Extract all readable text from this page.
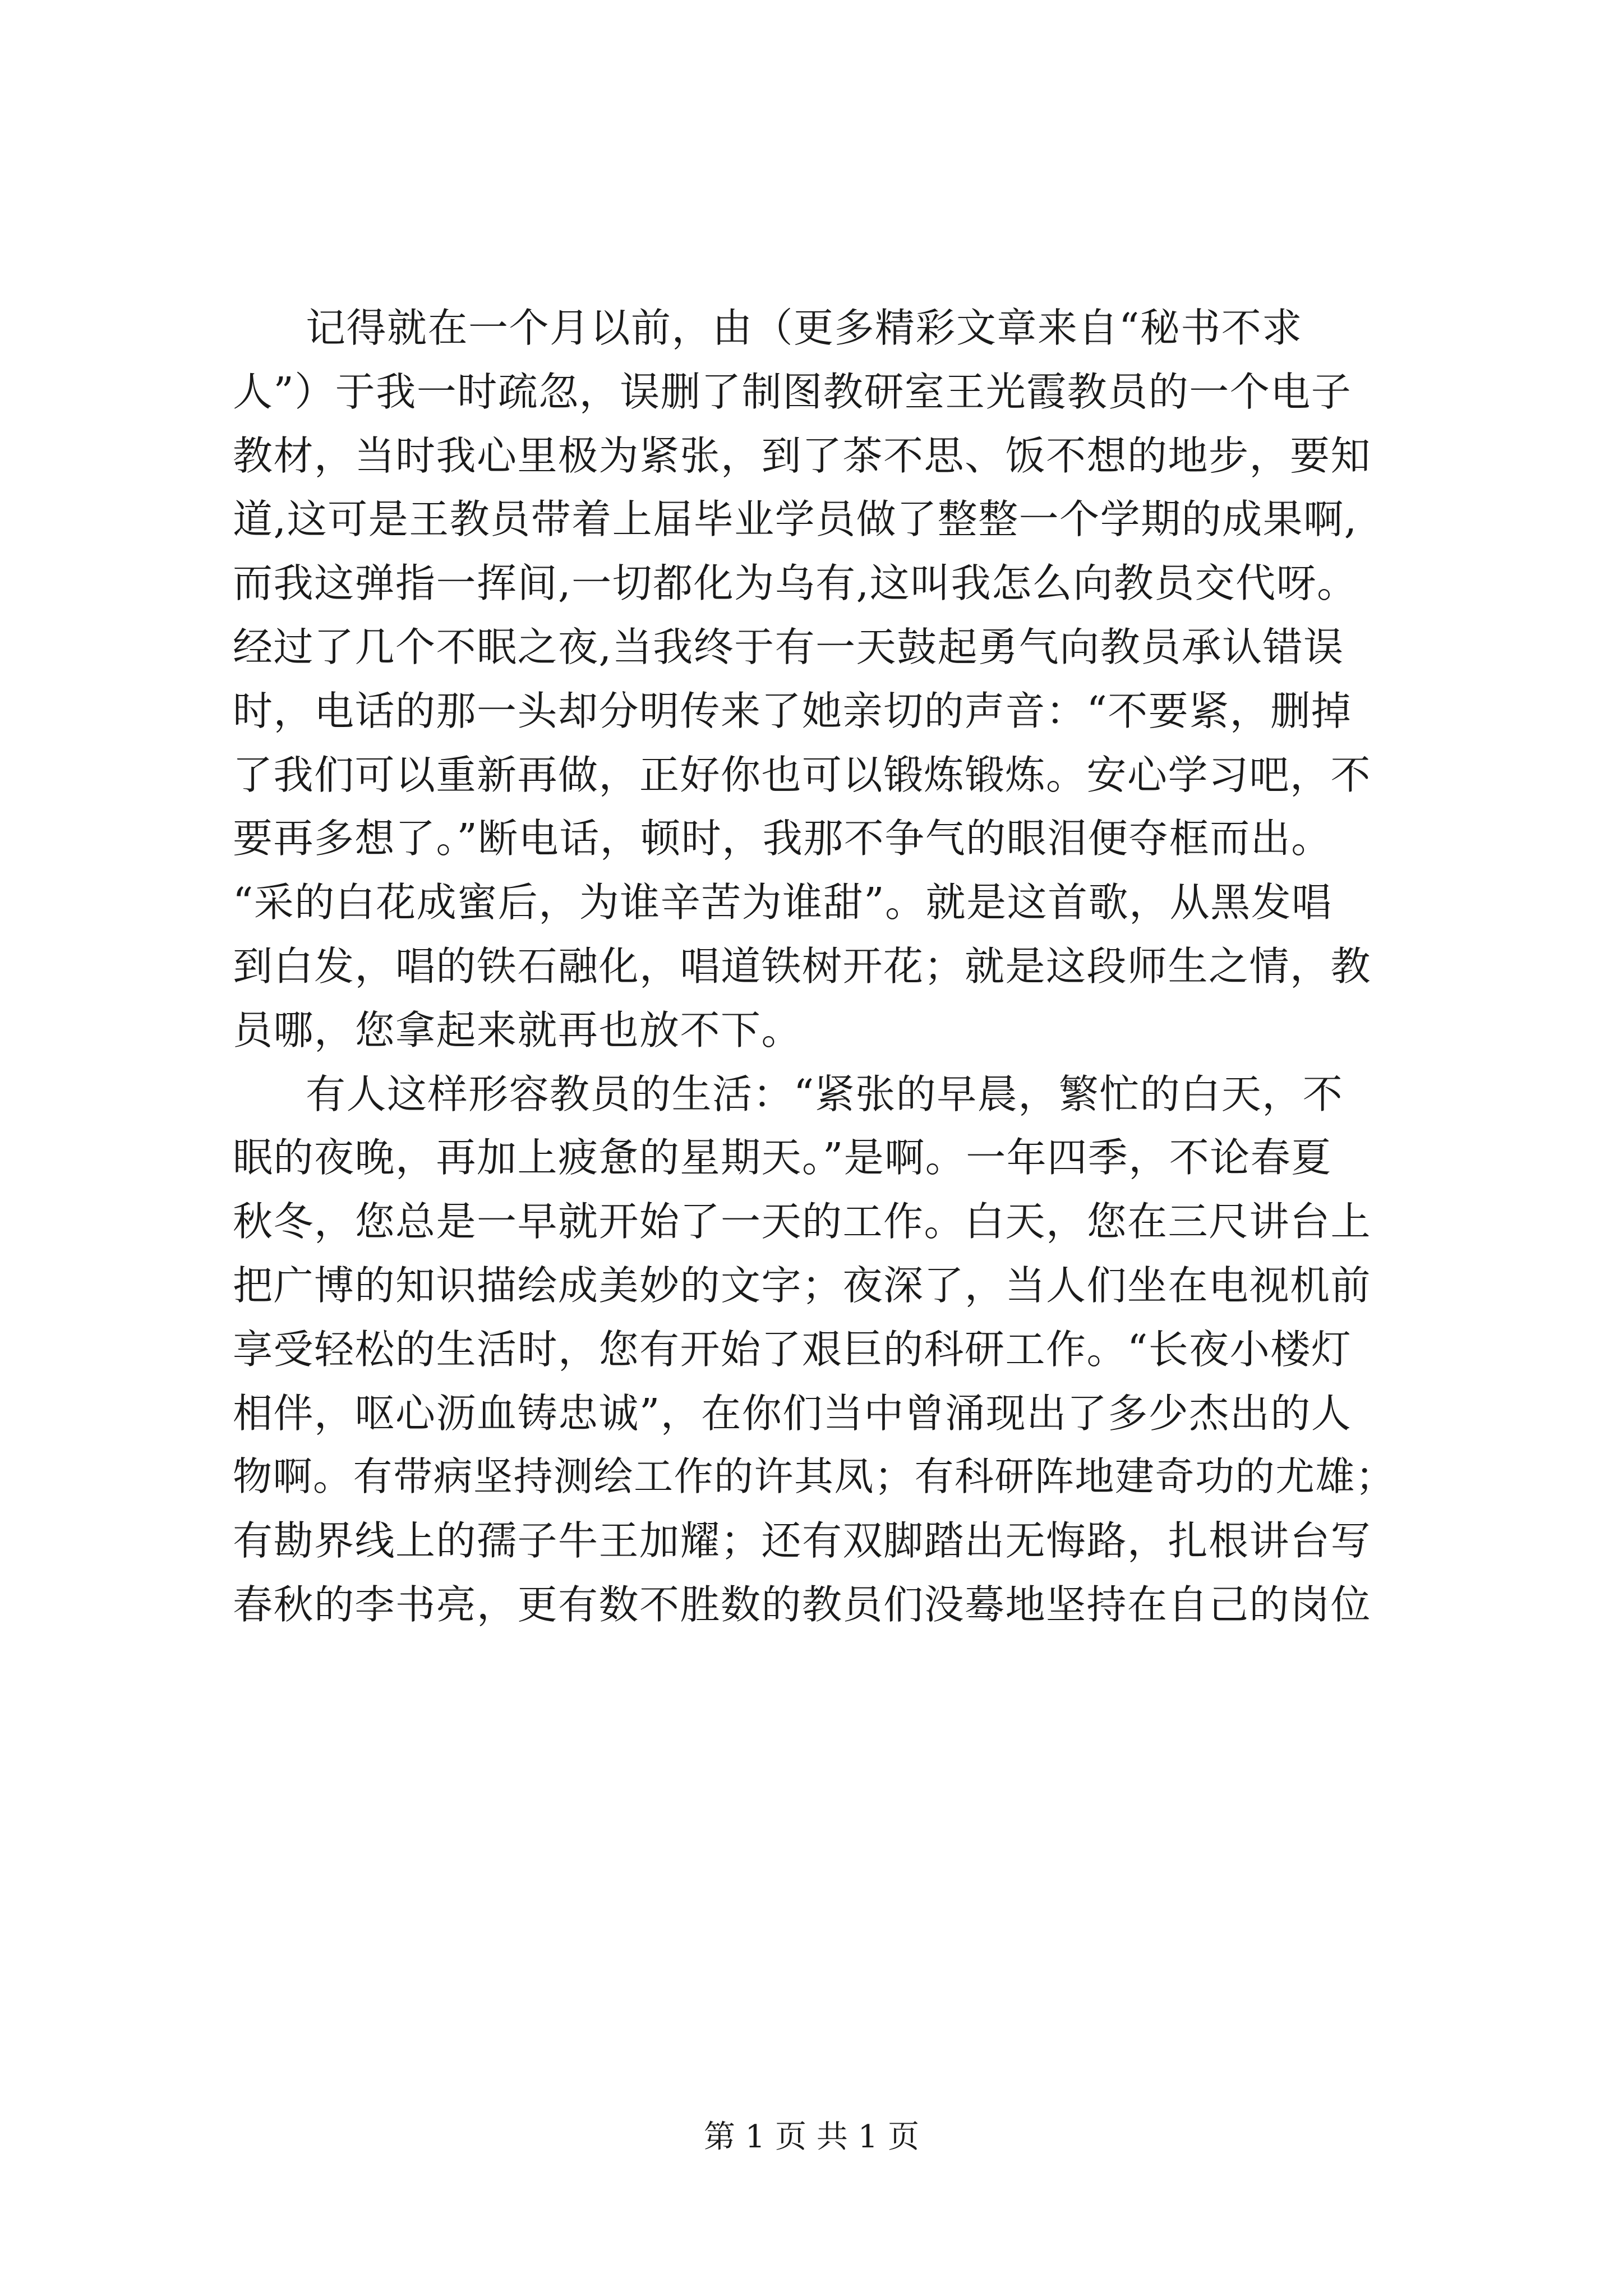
记得就在一个月以前，由（更多精彩文章来自“秘书不求
人”）于我一时疏忽，误删了制图教研室王光霞教员的一个电子
教材，当时我心里极为紧张，到了茶不思、饭不想的地步，要知
道,这可是王教员带着上届毕业学员做了整整一个学期的成果啊,
而我这弹指一挥间,一切都化为乌有,这叫我怎么向教员交代呀。
经过了几个不眠之夜,当我终于有一天鼓起勇气向教员承认错误
时，电话的那一头却分明传来了她亲切的声音：“不要紧，删掉
了我们可以重新再做，正好你也可以锻炼锻炼。安心学习吧，不
要再多想了。”断电话，顿时，我那不争气的眼泪便夺框而出。
“采的白花成蜜后，为谁辛苦为谁甜”。就是这首歌，从黑发唱
到白发，唱的铁石融化，唱道铁树开花；就是这段师生之情，教
员哪，您拿起来就再也放不下。
有人这样形容教员的生活：“紧张的早晨，繁忙的白天，不
眠的夜晚，再加上疲惫的星期天。”是啊。一年四季，不论春夏
秋冬，您总是一早就开始了一天的工作。白天，您在三尺讲台上
把广博的知识描绘成美妙的文字；夜深了，当人们坐在电视机前
享受轻松的生活时，您有开始了艰巨的科研工作。“长夜小楼灯
相伴，呕心沥血铸忠诚”，在你们当中曾涌现出了多少杰出的人
物啊。有带病坚持测绘工作的许其凤；有科研阵地建奇功的尤雄；
有勘界线上的孺子牛王加耀；还有双脚踏出无悔路，扎根讲台写
春秋的李书亮，更有数不胜数的教员们没蓦地坚持在自己的岗位
第 1 页 共 1 页
